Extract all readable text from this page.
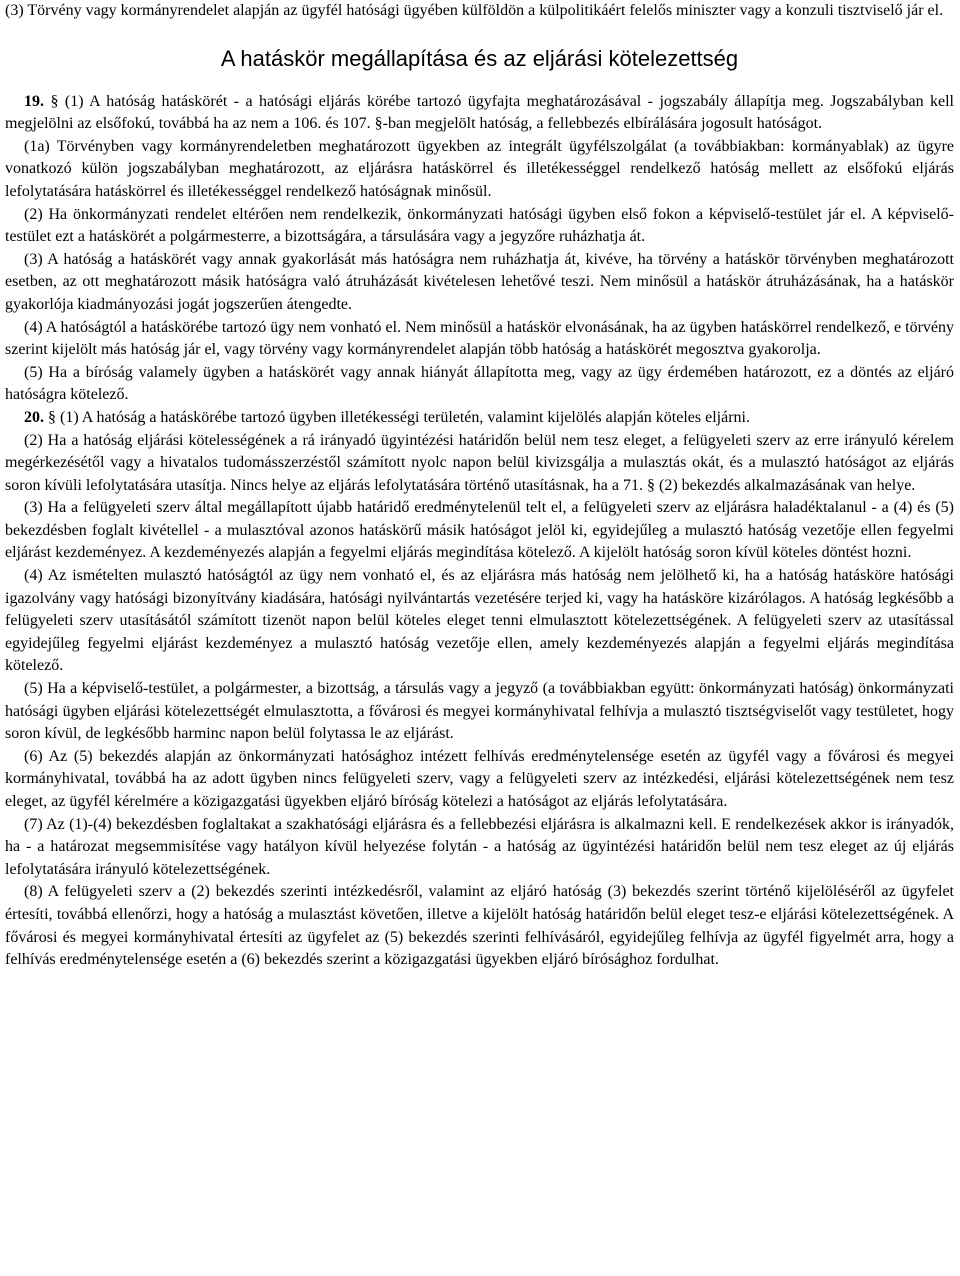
(3) Törvény vagy kormányrendelet alapján az ügyfél hatósági ügyében külföldön a külpolitikáért felelős miniszter vagy a konzuli tisztviselő jár el.

A hatáskör megállapítása és az eljárási kötelezettség

19. § (1) A hatóság hatáskörét - a hatósági eljárás körébe tartozó ügyfajta meghatározásával - jogszabály állapítja meg. Jogszabályban kell megjelölni az elsőfokú, továbbá ha az nem a 106. és 107. §-ban megjelölt hatóság, a fellebbezés elbírálására jogosult hatóságot.

(1a) Törvényben vagy kormányrendeletben meghatározott ügyekben az integrált ügyfélszolgálat (a továbbiakban: kormányablak) az ügyre vonatkozó külön jogszabályban meghatározott, az eljárásra hatáskörrel és illetékességgel rendelkező hatóság mellett az elsőfokú eljárás lefolytatására hatáskörrel és illetékességgel rendelkező hatóságnak minősül.

(2) Ha önkormányzati rendelet eltérően nem rendelkezik, önkormányzati hatósági ügyben első fokon a képviselő-testület jár el. A képviselő-testület ezt a hatáskörét a polgármesterre, a bizottságára, a társulására vagy a jegyzőre ruházhatja át.

(3) A hatóság a hatáskörét vagy annak gyakorlását más hatóságra nem ruházhatja át, kivéve, ha törvény a hatáskör törvényben meghatározott esetben, az ott meghatározott másik hatóságra való átruházását kivételesen lehetővé teszi. Nem minősül a hatáskör átruházásának, ha a hatáskör gyakorlója kiadmányozási jogát jogszerűen átengedte.

(4) A hatóságtól a hatáskörébe tartozó ügy nem vonható el. Nem minősül a hatáskör elvonásának, ha az ügyben hatáskörrel rendelkező, e törvény szerint kijelölt más hatóság jár el, vagy törvény vagy kormányrendelet alapján több hatóság a hatáskörét megosztva gyakorolja.

(5) Ha a bíróság valamely ügyben a hatáskörét vagy annak hiányát állapította meg, vagy az ügy érdemében határozott, ez a döntés az eljáró hatóságra kötelező.

20. § (1) A hatóság a hatáskörébe tartozó ügyben illetékességi területén, valamint kijelölés alapján köteles eljárni.

(2) Ha a hatóság eljárási kötelességének a rá irányadó ügyintézési határidőn belül nem tesz eleget, a felügyeleti szerv az erre irányuló kérelem megérkezésétől vagy a hivatalos tudomásszerzéstől számított nyolc napon belül kivizsgálja a mulasztás okát, és a mulasztó hatóságot az eljárás soron kívüli lefolytatására utasítja. Nincs helye az eljárás lefolytatására történő utasításnak, ha a 71. § (2) bekezdés alkalmazásának van helye.

(3) Ha a felügyeleti szerv által megállapított újabb határidő eredménytelenül telt el, a felügyeleti szerv az eljárásra haladéktalanul - a (4) és (5) bekezdésben foglalt kivétellel - a mulasztóval azonos hatáskörű másik hatóságot jelöl ki, egyidejűleg a mulasztó hatóság vezetője ellen fegyelmi eljárást kezdeményez. A kezdeményezés alapján a fegyelmi eljárás megindítása kötelező. A kijelölt hatóság soron kívül köteles döntést hozni.

(4) Az ismételten mulasztó hatóságtól az ügy nem vonható el, és az eljárásra más hatóság nem jelölhető ki, ha a hatóság hatásköre hatósági igazolvány vagy hatósági bizonyítvány kiadására, hatósági nyilvántartás vezetésére terjed ki, vagy ha hatásköre kizárólagos. A hatóság legkésőbb a felügyeleti szerv utasításától számított tizenöt napon belül köteles eleget tenni elmulasztott kötelezettségének. A felügyeleti szerv az utasítással egyidejűleg fegyelmi eljárást kezdeményez a mulasztó hatóság vezetője ellen, amely kezdeményezés alapján a fegyelmi eljárás megindítása kötelező.

(5) Ha a képviselő-testület, a polgármester, a bizottság, a társulás vagy a jegyző (a továbbiakban együtt: önkormányzati hatóság) önkormányzati hatósági ügyben eljárási kötelezettségét elmulasztotta, a fővárosi és megyei kormányhivatal felhívja a mulasztó tisztségviselőt vagy testületet, hogy soron kívül, de legkésőbb harminc napon belül folytassa le az eljárást.

(6) Az (5) bekezdés alapján az önkormányzati hatósághoz intézett felhívás eredménytelensége esetén az ügyfél vagy a fővárosi és megyei kormányhivatal, továbbá ha az adott ügyben nincs felügyeleti szerv, vagy a felügyeleti szerv az intézkedési, eljárási kötelezettségének nem tesz eleget, az ügyfél kérelmére a közigazgatási ügyekben eljáró bíróság kötelezi a hatóságot az eljárás lefolytatására.

(7) Az (1)-(4) bekezdésben foglaltakat a szakhatósági eljárásra és a fellebbezési eljárásra is alkalmazni kell. E rendelkezések akkor is irányadók, ha - a határozat megsemmisítése vagy hatályon kívül helyezése folytán - a hatóság az ügyintézési határidőn belül nem tesz eleget az új eljárás lefolytatására irányuló kötelezettségének.

(8) A felügyeleti szerv a (2) bekezdés szerinti intézkedésről, valamint az eljáró hatóság (3) bekezdés szerint történő kijelöléséről az ügyfelet értesíti, továbbá ellenőrzi, hogy a hatóság a mulasztást követően, illetve a kijelölt hatóság határidőn belül eleget tesz-e eljárási kötelezettségének. A fővárosi és megyei kormányhivatal értesíti az ügyfelet az (5) bekezdés szerinti felhívásáról, egyidejűleg felhívja az ügyfél figyelmét arra, hogy a felhívás eredménytelensége esetén a (6) bekezdés szerint a közigazgatási ügyekben eljáró bírósághoz fordulhat.
